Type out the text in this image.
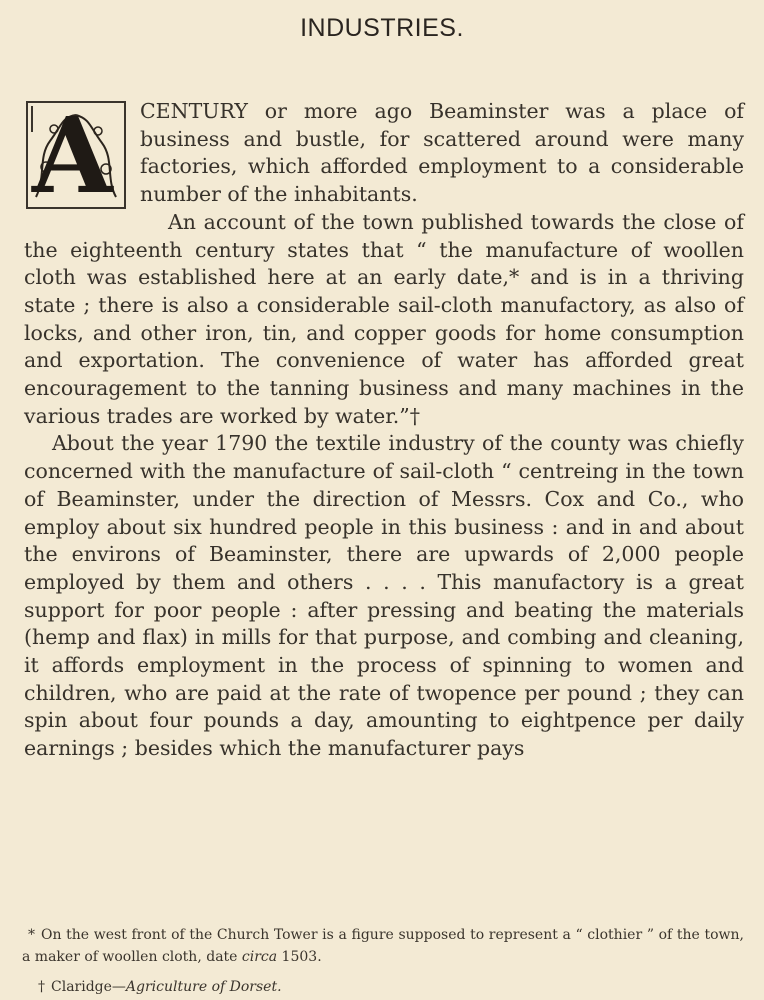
INDUSTRIES.

CENTURY or more ago Beaminster was a place of business and bustle, for scattered around were many factories, which afforded employment to a considerable number of the inhabitants.

An account of the town published towards the close of the eighteenth century states that “ the manufacture of woollen cloth was established here at an early date,* and is in a thriving state ; there is also a considerable sail-cloth manufactory, as also of locks, and other iron, tin, and copper goods for home consumption and exportation. The convenience of water has afforded great encouragement to the tanning business and many machines in the various trades are worked by water.”†

About the year 1790 the textile industry of the county was chiefly concerned with the manufacture of sail-cloth “ centreing in the town of Beaminster, under the direction of Messrs. Cox and Co., who employ about six hundred people in this business : and in and about the environs of Beaminster, there are upwards of 2,000 people employed by them and others . . . . This manufactory is a great support for poor people : after pressing and beating the materials (hemp and flax) in mills for that purpose, and combing and cleaning, it affords employment in the process of spinning to women and children, who are paid at the rate of twopence per pound ; they can spin about four pounds a day, amounting to eightpence per daily earnings ; besides which the manufacturer pays

* On the west front of the Church Tower is a figure supposed to represent a “ clothier ” of the town, a maker of woollen cloth, date circa 1503.

† Claridge—Agriculture of Dorset.
